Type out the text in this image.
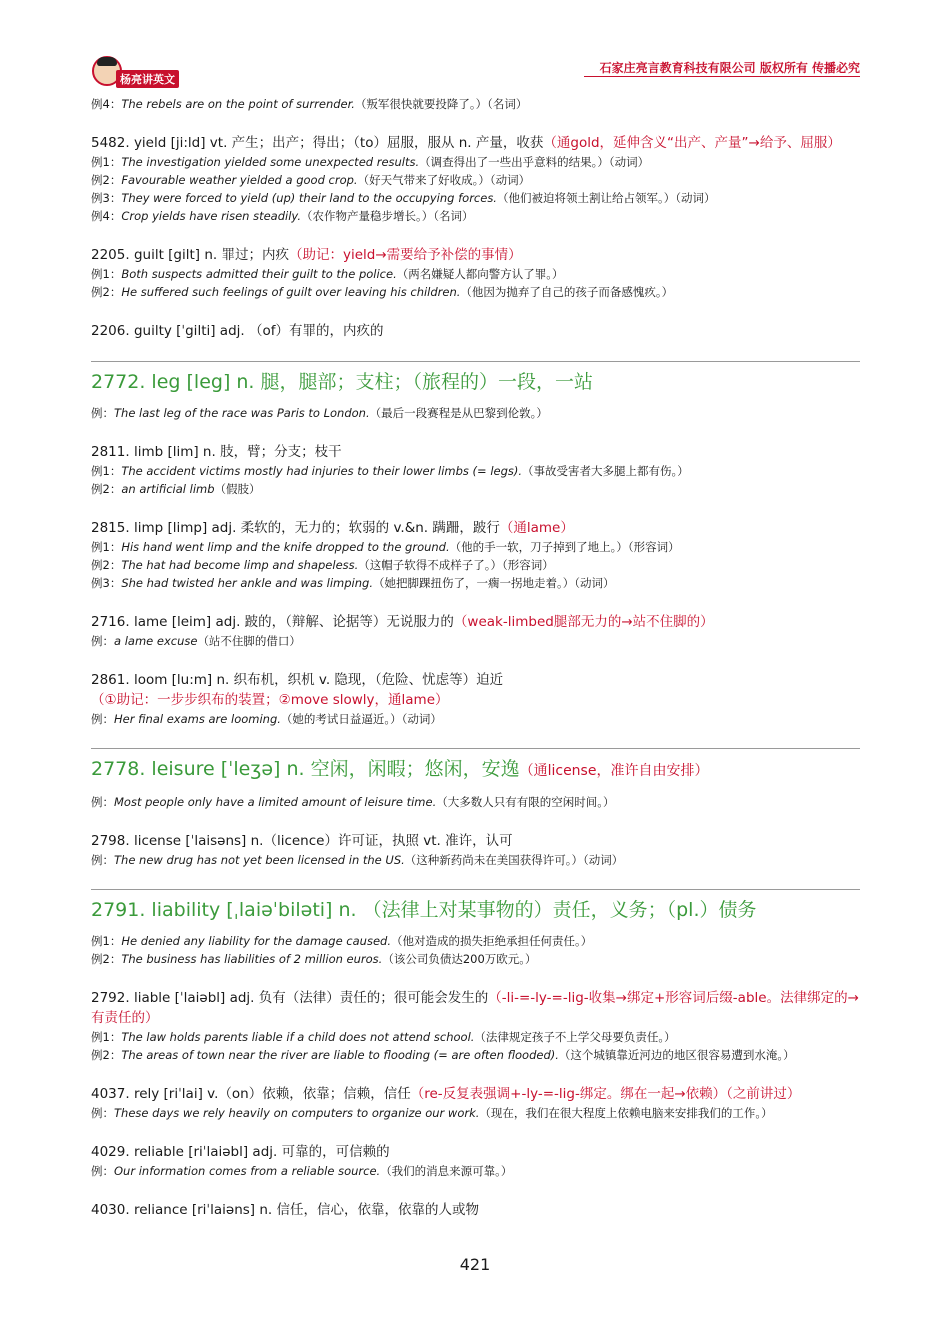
杨亮讲英文
石家庄亮言教育科技有限公司 版权所有 传播必究
例4：The rebels are on the point of surrender.（叛军很快就要投降了。）（名词）
5482. yield [ji:ld] vt. 产生；出产；得出；（to）屈服，服从 n. 产量，收获（通gold，延伸含义“出产、产量”→给予、屈服）
例1：The investigation yielded some unexpected results.（调查得出了一些出乎意料的结果。）（动词）
例2：Favourable weather yielded a good crop.（好天气带来了好收成。）（动词）
例3：They were forced to yield (up) their land to the occupying forces.（他们被迫将领土割让给占领军。）（动词）
例4：Crop yields have risen steadily.（农作物产量稳步增长。）（名词）
2205. guilt [gilt] n. 罪过；内疚（助记：yield→需要给予补偿的事情）
例1：Both suspects admitted their guilt to the police.（两名嫌疑人都向警方认了罪。）
例2：He suffered such feelings of guilt over leaving his children.（他因为抛弃了自己的孩子而备感愧疚。）
2206. guilty [ˈgilti] adj. （of）有罪的，内疚的
2772. leg [leg] n. 腿，腿部；支柱；（旅程的）一段，一站
例：The last leg of the race was Paris to London.（最后一段赛程是从巴黎到伦敦。）
2811. limb [lim] n. 肢，臂；分支；枝干
例1：The accident victims mostly had injuries to their lower limbs (= legs).（事故受害者大多腿上都有伤。）
例2：an artificial limb（假肢）
2815. limp [limp] adj. 柔软的，无力的；软弱的 v.&n. 蹒跚，跛行（通lame）
例1：His hand went limp and the knife dropped to the ground.（他的手一软，刀子掉到了地上。）（形容词）
例2：The hat had become limp and shapeless.（这帽子软得不成样子了。）（形容词）
例3：She had twisted her ankle and was limping.（她把脚踝扭伤了，一瘸一拐地走着。）（动词）
2716. lame [leim] adj. 跛的，（辩解、论据等）无说服力的（weak-limbed腿部无力的→站不住脚的）
例：a lame excuse（站不住脚的借口）
2861. loom [lu:m] n. 织布机，织机 v. 隐现，（危险、忧虑等）迫近（①助记：一步步织布的装置；②move slowly，通lame）
例：Her final exams are looming.（她的考试日益逼近。）（动词）
2778. leisure [ˈleʒə] n. 空闲，闲暇；悠闲，安逸（通license，准许自由安排）
例：Most people only have a limited amount of leisure time.（大多数人只有有限的空闲时间。）
2798. license [ˈlaisəns] n.（licence）许可证，执照 vt. 准许，认可
例：The new drug has not yet been licensed in the US.（这种新药尚未在美国获得许可。）（动词）
2791. liability [ˌlaiəˈbiləti] n. （法律上对某事物的）责任，义务；（pl.）债务
例1：He denied any liability for the damage caused.（他对造成的损失拒绝承担任何责任。）
例2：The business has liabilities of 2 million euros.（该公司负债达200万欧元。）
2792. liable [ˈlaiəbl] adj. 负有（法律）责任的；很可能会发生的（-li-=-ly-=-lig-收集→绑定+形容词后缀-able。法律绑定的→有责任的）
例1：The law holds parents liable if a child does not attend school.（法律规定孩子不上学父母要负责任。）
例2：The areas of town near the river are liable to flooding (= are often flooded).（这个城镇靠近河边的地区很容易遭到水淹。）
4037. rely [riˈlai] v.（on）依赖，依靠；信赖，信任（re-反复表强调+-ly-=-lig-绑定。绑在一起→依赖）（之前讲过）
例：These days we rely heavily on computers to organize our work.（现在，我们在很大程度上依赖电脑来安排我们的工作。）
4029. reliable [riˈlaiəbl] adj. 可靠的，可信赖的
例：Our information comes from a reliable source.（我们的消息来源可靠。）
4030. reliance [riˈlaiəns] n. 信任，信心，依靠，依靠的人或物
421
